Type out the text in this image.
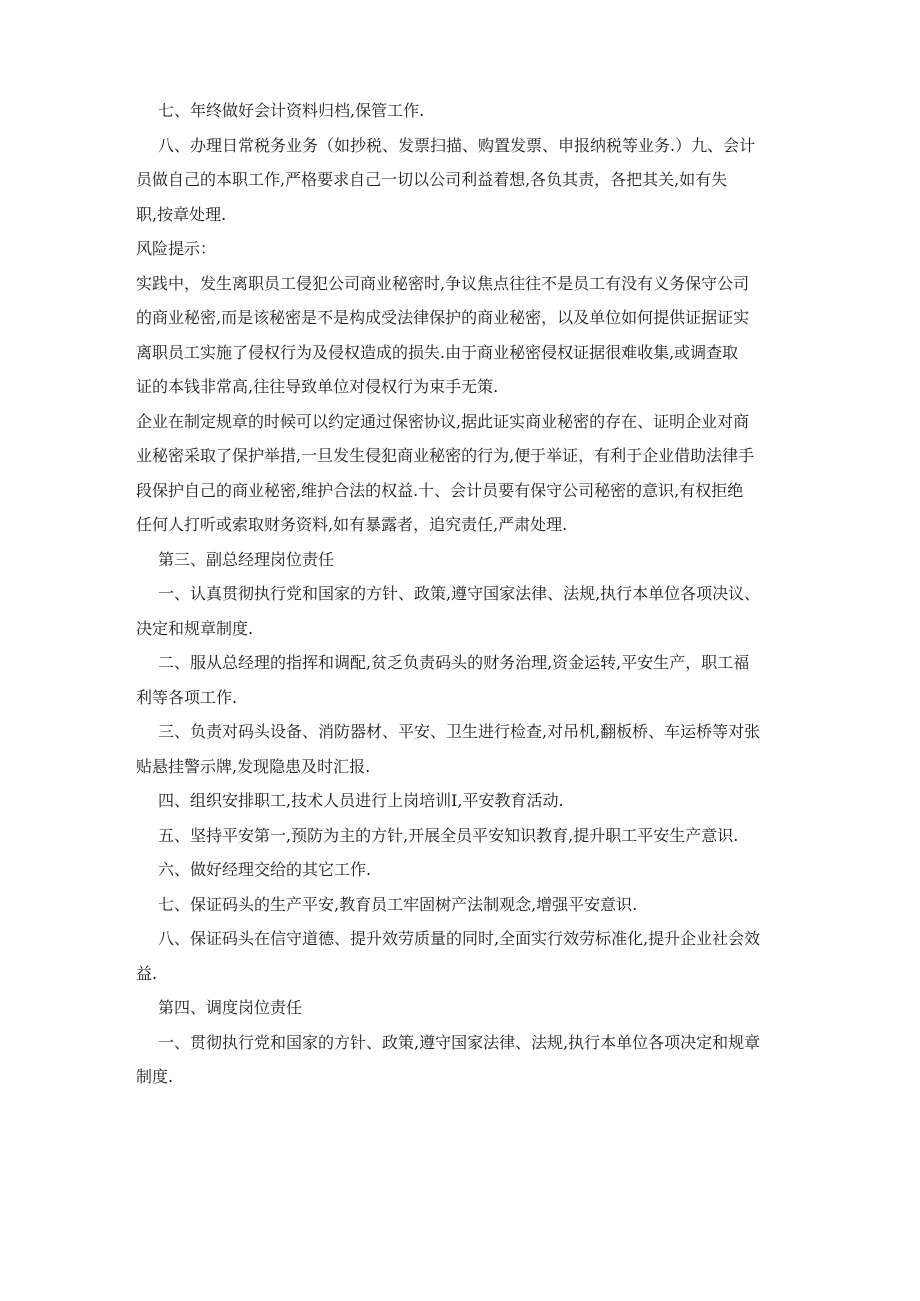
七、年终做好会计资料归档,保管工作.

八、办理日常税务业务（如抄税、发票扫描、购置发票、申报纳税等业务.）九、会计
员做自己的本职工作,严格要求自己一切以公司利益着想,各负其责，各把其关,如有失
职,按章处理.

风险提示：

实践中，发生离职员工侵犯公司商业秘密时,争议焦点往往不是员工有没有义务保守公司
的商业秘密,而是该秘密是不是构成受法律保护的商业秘密，以及单位如何提供证据证实
离职员工实施了侵权行为及侵权造成的损失.由于商业秘密侵权证据很难收集,或调查取
证的本钱非常高,往往导致单位对侵权行为束手无策.

企业在制定规章的时候可以约定通过保密协议,据此证实商业秘密的存在、证明企业对商
业秘密采取了保护举措,一旦发生侵犯商业秘密的行为,便于举证，有利于企业借助法律手
段保护自己的商业秘密,维护合法的权益.十、会计员要有保守公司秘密的意识,有权拒绝
任何人打听或索取财务资料,如有暴露者，追究责任,严肃处理.

第三、副总经理岗位责任

一、认真贯彻执行党和国家的方针、政策,遵守国家法律、法规,执行本单位各项决议、
决定和规章制度.

二、服从总经理的指挥和调配,贫乏负责码头的财务治理,资金运转,平安生产，职工福
利等各项工作.

三、负责对码头设备、消防器材、平安、卫生进行检查,对吊机,翻板桥、车运桥等对张
贴悬挂警示牌,发现隐患及时汇报.

四、组织安排职工,技术人员进行上岗培训I,平安教育活动.

五、坚持平安第一,预防为主的方针,开展全员平安知识教育,提升职工平安生产意识.

六、做好经理交给的其它工作.

七、保证码头的生产平安,教育员工牢固树产法制观念,增强平安意识.

八、保证码头在信守道德、提升效劳质量的同时,全面实行效劳标准化,提升企业社会效
益.

第四、调度岗位责任

一、贯彻执行党和国家的方针、政策,遵守国家法律、法规,执行本单位各项决定和规章
制度.
